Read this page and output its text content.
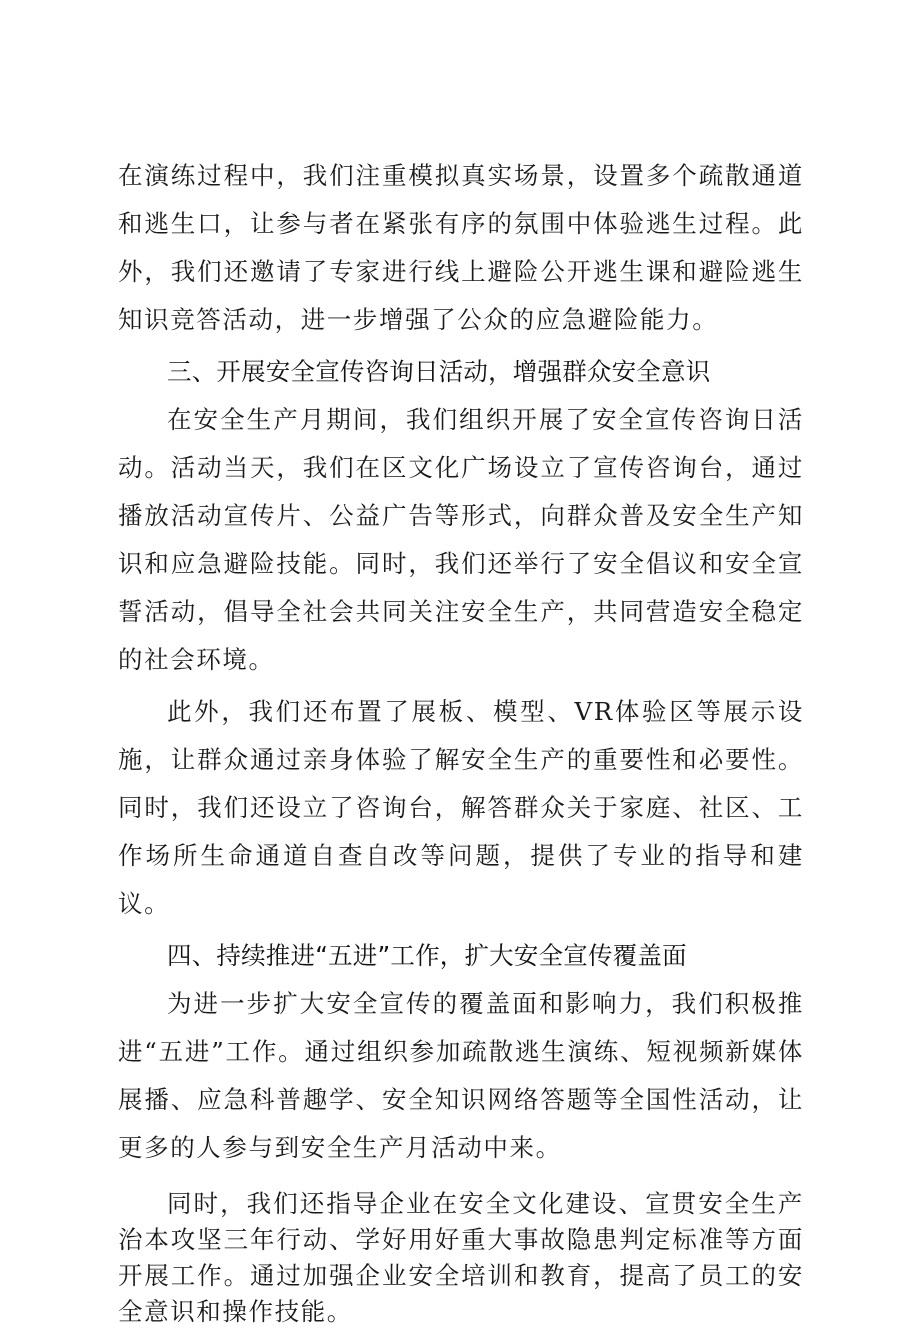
在演练过程中，我们注重模拟真实场景，设置多个疏散通道和逃生口，让参与者在紧张有序的氛围中体验逃生过程。此外，我们还邀请了专家进行线上避险公开逃生课和避险逃生知识竞答活动，进一步增强了公众的应急避险能力。

三、开展安全宣传咨询日活动，增强群众安全意识

在安全生产月期间，我们组织开展了安全宣传咨询日活动。活动当天，我们在区文化广场设立了宣传咨询台，通过播放活动宣传片、公益广告等形式，向群众普及安全生产知识和应急避险技能。同时，我们还举行了安全倡议和安全宣誓活动，倡导全社会共同关注安全生产，共同营造安全稳定的社会环境。

此外，我们还布置了展板、模型、VR体验区等展示设施，让群众通过亲身体验了解安全生产的重要性和必要性。同时，我们还设立了咨询台，解答群众关于家庭、社区、工作场所生命通道自查自改等问题，提供了专业的指导和建议。

四、持续推进“五进”工作，扩大安全宣传覆盖面

为进一步扩大安全宣传的覆盖面和影响力，我们积极推进“五进”工作。通过组织参加疏散逃生演练、短视频新媒体展播、应急科普趣学、安全知识网络答题等全国性活动，让更多的人参与到安全生产月活动中来。

同时，我们还指导企业在安全文化建设、宣贯安全生产治本攻坚三年行动、学好用好重大事故隐患判定标准等方面开展工作。通过加强企业安全培训和教育，提高了员工的安全意识和操作技能。
